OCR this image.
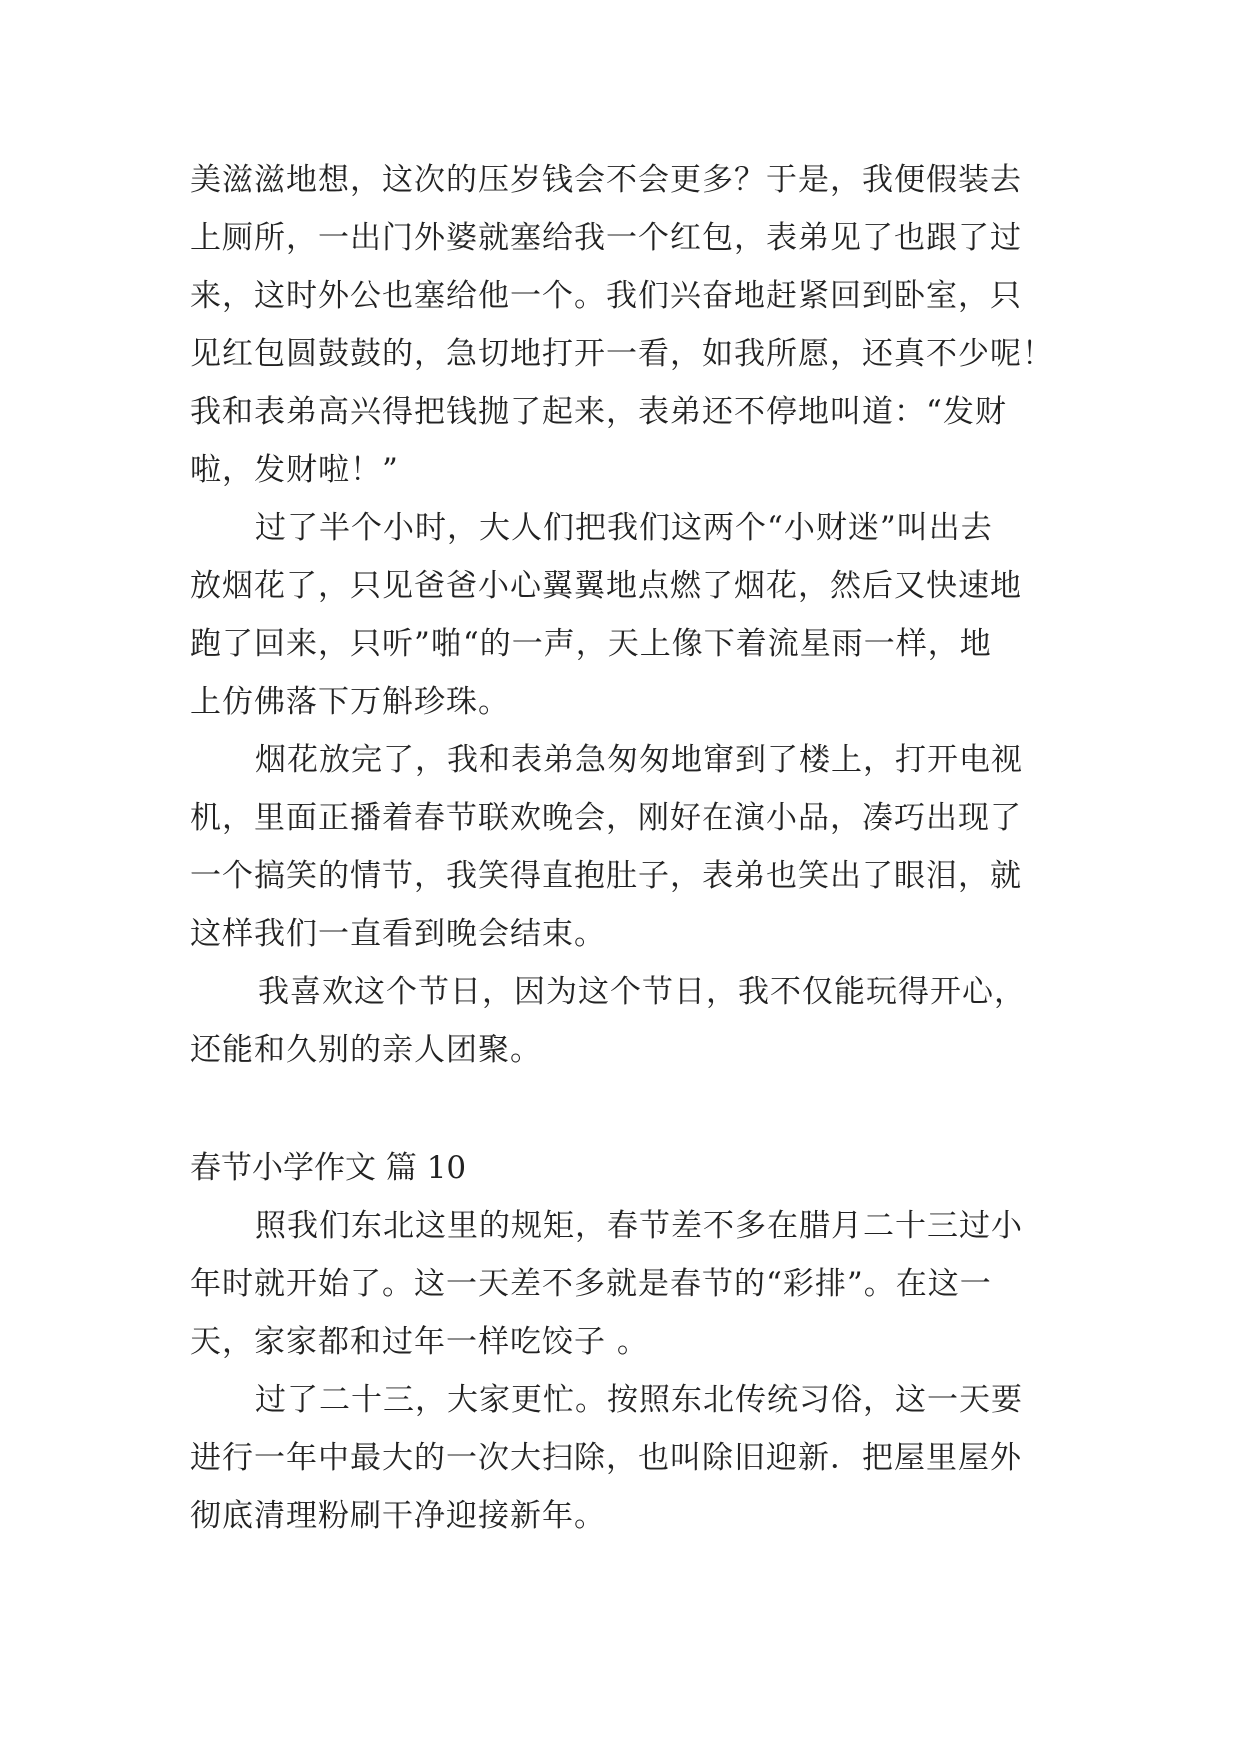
美滋滋地想，这次的压岁钱会不会更多？于是，我便假装去
上厕所，一出门外婆就塞给我一个红包，表弟见了也跟了过
来，这时外公也塞给他一个。我们兴奋地赶紧回到卧室，只
见红包圆鼓鼓的，急切地打开一看，如我所愿，还真不少呢！
我和表弟高兴得把钱抛了起来，表弟还不停地叫道：“发财
啦，发财啦！”
过了半个小时，大人们把我们这两个“小财迷”叫出去
放烟花了，只见爸爸小心翼翼地点燃了烟花，然后又快速地
跑了回来，只听”啪“的一声，天上像下着流星雨一样，地
上仿佛落下万斛珍珠。
烟花放完了，我和表弟急匆匆地窜到了楼上，打开电视
机，里面正播着春节联欢晚会，刚好在演小品，凑巧出现了
一个搞笑的情节，我笑得直抱肚子，表弟也笑出了眼泪，就
这样我们一直看到晚会结束。
我喜欢这个节日，因为这个节日，我不仅能玩得开心，
还能和久别的亲人团聚。
春节小学作文 篇 10
照我们东北这里的规矩，春节差不多在腊月二十三过小
年时就开始了。这一天差不多就是春节的“彩排”。在这一
天，家家都和过年一样吃饺子 。
过了二十三，大家更忙。按照东北传统习俗，这一天要
进行一年中最大的一次大扫除，也叫除旧迎新．把屋里屋外
彻底清理粉刷干净迎接新年。
